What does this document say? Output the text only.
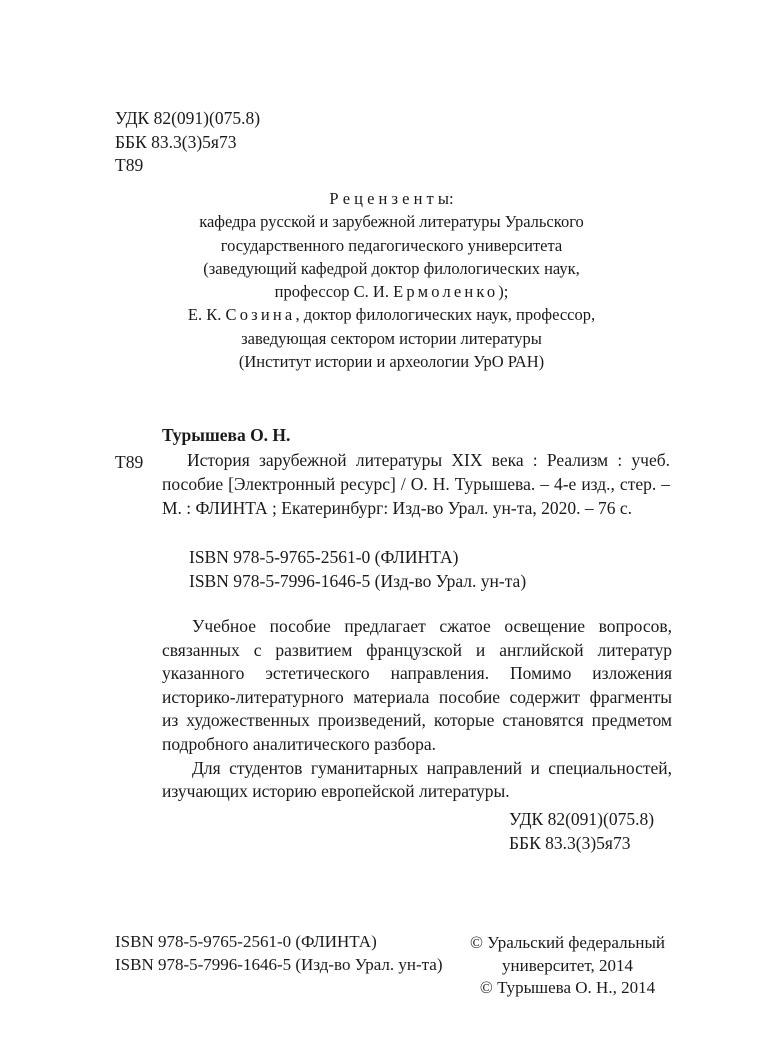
УДК 82(091)(075.8)
ББК 83.3(3)5я73
Т89
Р е ц е н з е н т ы:
кафедра русской и зарубежной литературы Уральского
государственного педагогического университета
(заведующий кафедрой доктор филологических наук,
профессор С. И. Ермоленко);
Е. К. Созина, доктор филологических наук, профессор,
заведующая сектором истории литературы
(Институт истории и археологии УрО РАН)
Турышева О. Н.
Т89	История зарубежной литературы XIX века : Реализм : учеб. пособие [Электронный ресурс] / О. Н. Турышева. – 4-е изд., стер. – М. : ФЛИНТА ; Екатеринбург: Изд-во Урал. ун-та, 2020. – 76 с.
ISBN 978-5-9765-2561-0 (ФЛИНТА)
ISBN 978-5-7996-1646-5 (Изд-во Урал. ун-та)

Учебное пособие предлагает сжатое освещение вопросов, связанных с развитием французской и английской литератур указанного эстетического направления. Помимо изложения историко-литературного материала пособие содержит фрагменты из художественных произведений, которые становятся предметом подробного аналитического разбора.

Для студентов гуманитарных направлений и специальностей, изучающих историю европейской литературы.

УДК 82(091)(075.8)
ББК 83.3(3)5я73
ISBN 978-5-9765-2561-0 (ФЛИНТА)
ISBN 978-5-7996-1646-5 (Изд-во Урал. ун-та)
© Уральский федеральный
университет, 2014
© Турышева О. Н., 2014
